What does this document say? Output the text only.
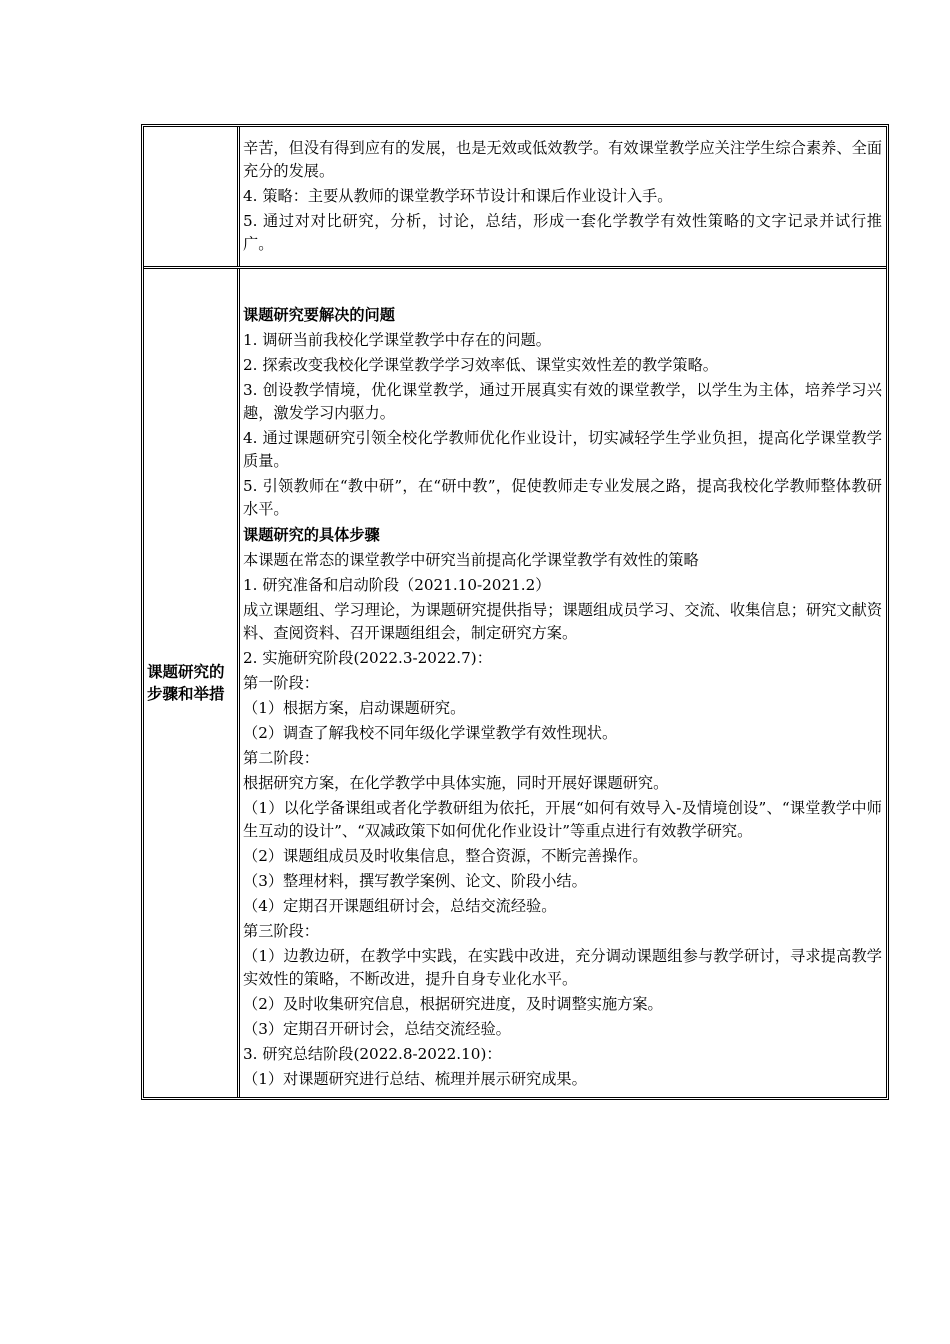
辛苦，但没有得到应有的发展，也是无效或低效教学。有效课堂教学应关注学生综合素养、全面充分的发展。

4. 策略：主要从教师的课堂教学环节设计和课后作业设计入手。

5. 通过对对比研究，分析，讨论，总结，形成一套化学教学有效性策略的文字记录并试行推广。

课题研究的步骤和举措

课题研究要解决的问题

1. 调研当前我校化学课堂教学中存在的问题。

2. 探索改变我校化学课堂教学学习效率低、课堂实效性差的教学策略。

3. 创设教学情境，优化课堂教学，通过开展真实有效的课堂教学，以学生为主体，培养学习兴趣，激发学习内驱力。

4. 通过课题研究引领全校化学教师优化作业设计，切实减轻学生学业负担，提高化学课堂教学质量。

5. 引领教师在“教中研”，在“研中教”，促使教师走专业发展之路，提高我校化学教师整体教研水平。

课题研究的具体步骤

本课题在常态的课堂教学中研究当前提高化学课堂教学有效性的策略

1. 研究准备和启动阶段（2021.10-2021.2）

成立课题组、学习理论，为课题研究提供指导；课题组成员学习、交流、收集信息；研究文献资料、查阅资料、召开课题组组会，制定研究方案。

2. 实施研究阶段(2022.3-2022.7)：

第一阶段：

（1）根据方案，启动课题研究。

（2）调查了解我校不同年级化学课堂教学有效性现状。

第二阶段：

根据研究方案，在化学教学中具体实施，同时开展好课题研究。

（1）以化学备课组或者化学教研组为依托，开展“如何有效导入-及情境创设”、“课堂教学中师生互动的设计”、“双减政策下如何优化作业设计”等重点进行有效教学研究。

（2）课题组成员及时收集信息，整合资源，不断完善操作。

（3）整理材料，撰写教学案例、论文、阶段小结。

（4）定期召开课题组研讨会，总结交流经验。

第三阶段：

（1）边教边研，在教学中实践，在实践中改进，充分调动课题组参与教学研讨，寻求提高教学实效性的策略，不断改进，提升自身专业化水平。

（2）及时收集研究信息，根据研究进度，及时调整实施方案。

（3）定期召开研讨会，总结交流经验。

3. 研究总结阶段(2022.8-2022.10)：

（1）对课题研究进行总结、梳理并展示研究成果。
